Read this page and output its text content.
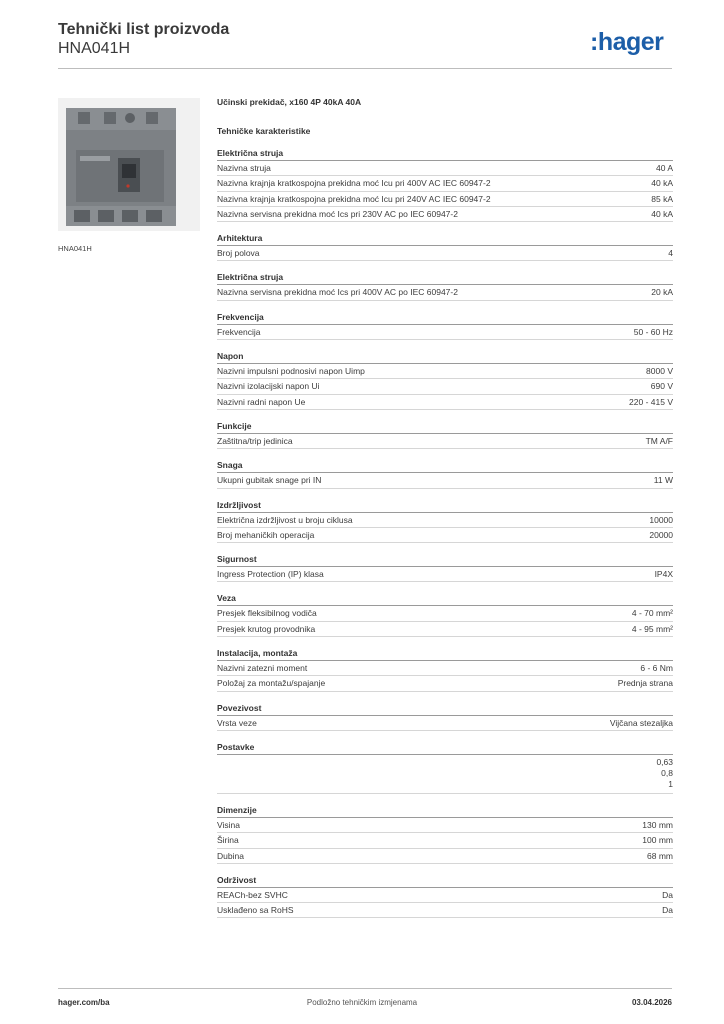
Tehnički list proizvoda
HNA041H	:hager
HNA041H
Učinski prekidač, x160 4P 40kA 40A
Tehničke karakteristike
Električna struja
Nazivna struja	40 A
Nazivna krajnja kratkospojna prekidna moć Icu pri 400V AC IEC 60947-2	40 kA
Nazivna krajnja kratkospojna prekidna moć Icu pri 240V AC IEC 60947-2	85 kA
Nazivna servisna prekidna moć Ics pri 230V AC po IEC 60947-2	40 kA
Arhitektura
Broj polova	4
Električna struja
Nazivna servisna prekidna moć Ics pri 400V AC po IEC 60947-2	20 kA
Frekvencija
Frekvencija	50 - 60 Hz
Napon
Nazivni impulsni podnosivi napon Uimp	8000 V
Nazivni izolacijski napon Ui	690 V
Nazivni radni napon Ue	220 - 415 V
Funkcije
Zaštitna/trip jedinica	TM A/F
Snaga
Ukupni gubitak snage pri IN	11 W
Izdržljivost
Električna izdržljivost u broju ciklusa	10000
Broj mehaničkih operacija	20000
Sigurnost
Ingress Protection (IP) klasa	IP4X
Veza
Presjek fleksibilnog vodiča	4 - 70 mm²
Presjek krutog provodnika	4 - 95 mm²
Instalacija, montaža
Nazivni zatezni moment	6 - 6 Nm
Položaj za montažu/spajanje	Prednja strana
Povezivost
Vrsta veze	Vijčana stezaljka
Postavke
0,63
0,8
1
Dimenzije
Visina	130 mm
Širina	100 mm
Dubina	68 mm
Održivost
REACh-bez SVHC	Da
Usklađeno sa RoHS	Da
hager.com/ba	Podložno tehničkim izmjenama	03.04.2026
